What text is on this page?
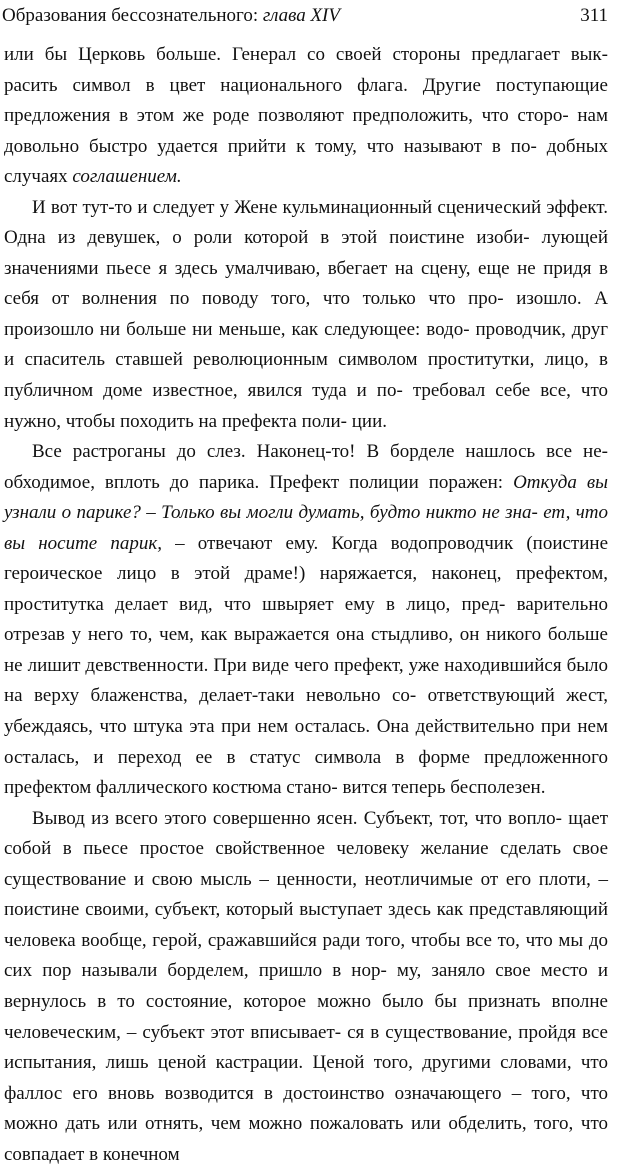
Образования бессознательного: глава XIV	311

или бы Церковь больше. Генерал со своей стороны предлагает вык- расить символ в цвет национального флага. Другие поступающие предложения в этом же роде позволяют предположить, что сторо- нам довольно быстро удается прийти к тому, что называют в по- добных случаях соглашением.

И вот тут-то и следует у Жене кульминационный сценический эффект. Одна из девушек, о роли которой в этой поистине изоби- лующей значениями пьесе я здесь умалчиваю, вбегает на сцену, еще не придя в себя от волнения по поводу того, что только что про- изошло. А произошло ни больше ни меньше, как следующее: водо- проводчик, друг и спаситель ставшей революционным символом проститутки, лицо, в публичном доме известное, явился туда и по- требовал себе все, что нужно, чтобы походить на префекта поли- ции.

Все растроганы до слез. Наконец-то! В борделе нашлось все не- обходимое, вплоть до парика. Префект полиции поражен: Откуда вы узнали о парике? – Только вы могли думать, будто никто не зна- ет, что вы носите парик, – отвечают ему. Когда водопроводчик (поистине героическое лицо в этой драме!) наряжается, наконец, префектом, проститутка делает вид, что швыряет ему в лицо, пред- варительно отрезав у него то, чем, как выражается она стыдливо, он никого больше не лишит девственности. При виде чего префект, уже находившийся было на верху блаженства, делает-таки невольно со- ответствующий жест, убеждаясь, что штука эта при нем осталась. Она действительно при нем осталась, и переход ее в статус символа в форме предложенного префектом фаллического костюма стано- вится теперь бесполезен.

Вывод из всего этого совершенно ясен. Субъект, тот, что вопло- щает собой в пьесе простое свойственное человеку желание сделать свое существование и свою мысль – ценности, неотличимые от его плоти, – поистине своими, субъект, который выступает здесь как представляющий человека вообще, герой, сражавшийся ради того, чтобы все то, что мы до сих пор называли борделем, пришло в нор- му, заняло свое место и вернулось в то состояние, которое можно было бы признать вполне человеческим, – субъект этот вписывает- ся в существование, пройдя все испытания, лишь ценой кастрации. Ценой того, другими словами, что фаллос его вновь возводится в достоинство означающего – того, что можно дать или отнять, чем можно пожаловать или обделить, того, что совпадает в конечном
